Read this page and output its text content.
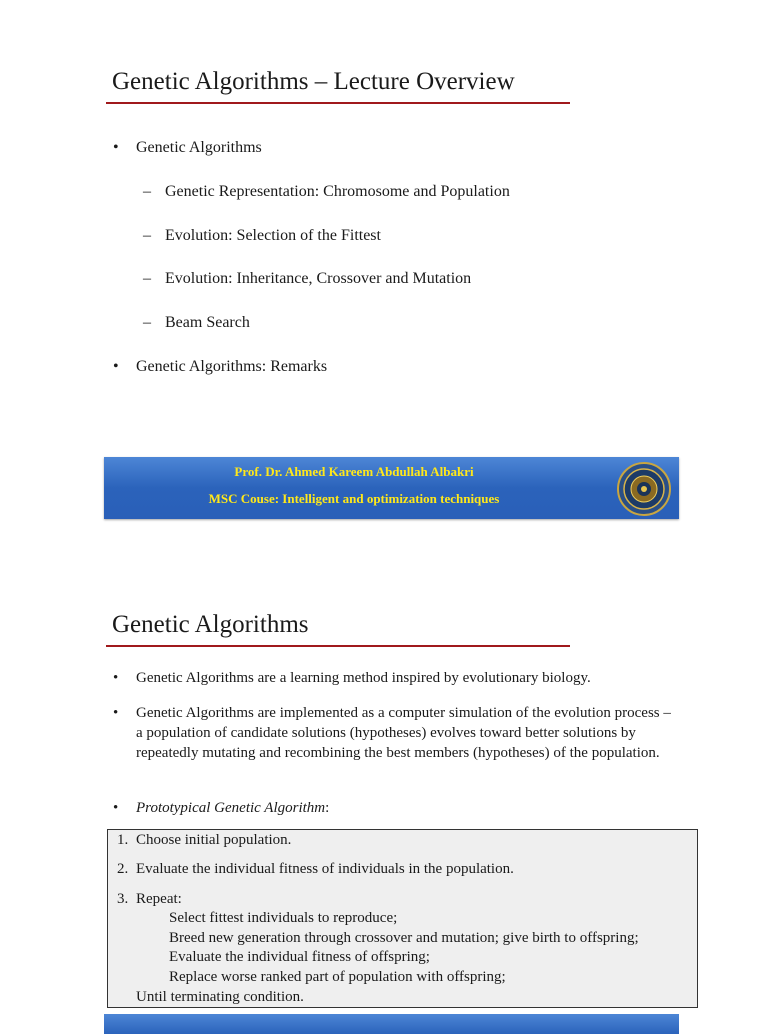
Genetic Algorithms – Lecture Overview
• Genetic Algorithms
– Genetic Representation: Chromosome and Population
– Evolution: Selection of the Fittest
– Evolution: Inheritance, Crossover and Mutation
– Beam Search
• Genetic Algorithms: Remarks
Prof. Dr. Ahmed Kareem Abdullah Albakri
MSC Couse: Intelligent and optimization techniques
Genetic Algorithms
• Genetic Algorithms are a learning method inspired by evolutionary biology.
• Genetic Algorithms are implemented as a computer simulation of the evolution process – a population of candidate solutions (hypotheses) evolves toward better solutions by repeatedly mutating and recombining the best members (hypotheses) of the population.
• Prototypical Genetic Algorithm:
1. Choose initial population.
2. Evaluate the individual fitness of individuals in the population.
3. Repeat:
Select fittest individuals to reproduce;
Breed new generation through crossover and mutation; give birth to offspring;
Evaluate the individual fitness of offspring;
Replace worse ranked part of population with offspring;
Until terminating condition.
